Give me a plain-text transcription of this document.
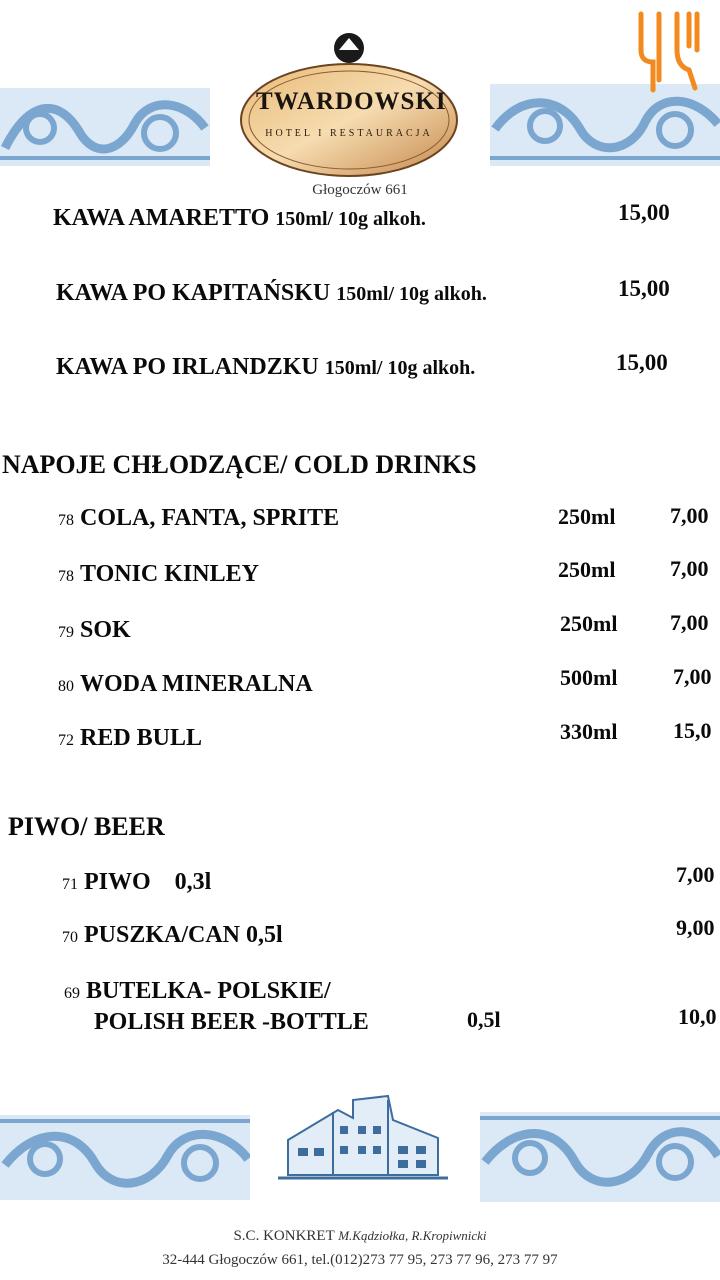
TWARDOWSKI
HOTEL I RESTAURACJA
Głogoczów 661
KAWA AMARETTO 150ml/ 10g alkoh.	15,00
KAWA PO KAPITAŃSKU 150ml/ 10g alkoh.	15,00
KAWA PO IRLANDZKU 150ml/ 10g alkoh.	15,00
NAPOJE CHŁODZĄCE/ COLD DRINKS
78 COLA, FANTA, SPRITE	250ml 7,00
78 TONIC KINLEY	250ml 7,00
79 SOK	250ml 7,00
80 WODA MINERALNA	500ml	7,00
72 RED BULL	330ml	15,0
PIWO/ BEER
71 PIWO 0,3l	7,00
70 PUSZKA/CAN 0,5l	9,00
69 BUTELKA- POLSKIE/
POLISH BEER -BOTTLE	0,5l	10,0
S.C. KONKRET M.Kądziołka, R.Kropiwnicki
32-444 Głogoczów 661, tel.(012)273 77 95, 273 77 96, 273 77 97
